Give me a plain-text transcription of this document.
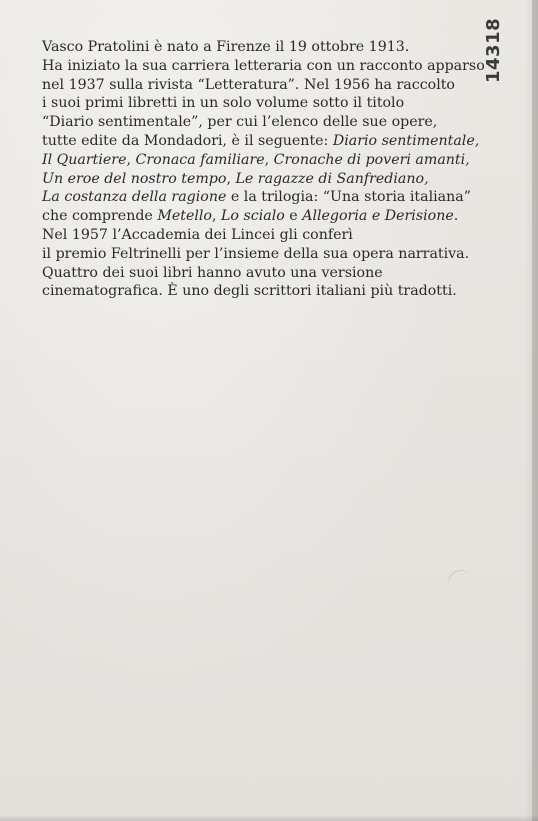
14318
Vasco Pratolini è nato a Firenze il 19 ottobre 1913.
Ha iniziato la sua carriera letteraria con un racconto apparso
nel 1937 sulla rivista “Letteratura”. Nel 1956 ha raccolto
i suoi primi libretti in un solo volume sotto il titolo
“Diario sentimentale”, per cui l’elenco delle sue opere,
tutte edite da Mondadori, è il seguente: Diario sentimentale,
Il Quartiere, Cronaca familiare, Cronache di poveri amanti,
Un eroe del nostro tempo, Le ragazze di Sanfrediano,
La costanza della ragione e la trilogia: “Una storia italiana”
che comprende Metello, Lo scialo e Allegoria e Derisione.
Nel 1957 l’Accademia dei Lincei gli conferì
il premio Feltrinelli per l’insieme della sua opera narrativa.
Quattro dei suoi libri hanno avuto una versione
cinematografica. È uno degli scrittori italiani più tradotti.
